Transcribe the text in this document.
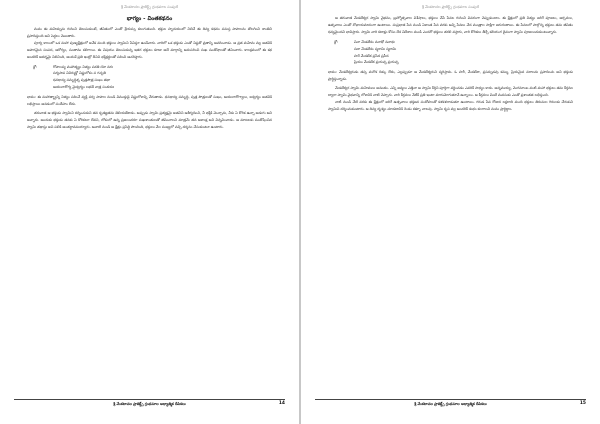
శ్రీ వేంకటాచల ప్రాజెక్ట్స్ గ్రంథమాల సంపుటి
భాగ్యం - వింతకథనం

మనం ఈ మహిమ్నను గురించి తెలుసుకుంటే, జీవితంలో ఎంతో శ్రేయస్సు కలుగుతుంది. భక్తుల హృదయంలో నిలిచే ఈ దివ్య కథనం సమస్త పాపాలను తొలగించి శాంతిని ప్రసాదిస్తుంది అని పెద్దలు చెబుతారు.

పూర్వ కాలంలో ఒక మహా పుణ్యక్షేత్రంలో అనేక మంది భక్తులు స్వామిని సేవిస్తూ ఉండేవారు. వారిలో ఒక భక్తుడు ఎంతో నిష్ఠతో వ్రతాన్ని ఆచరించాడు. ఆ వ్రత మహిమ వల్ల అతనికి అపారమైన సంపద, ఆరోగ్యం, సంతానం కలిగాయి. ఈ విషయం తెలుసుకున్న ఇతర భక్తులు కూడా అదే మార్గాన్ని అనుసరించి సుఖ సంతోషాలతో జీవించారు. కాలక్రమంలో ఈ కథ అందరికీ ఆదర్శమై నిలిచింది, అందుకే ప్రతి ఇంట్లో దీనిని భక్తిశ్రద్ధలతో పఠించి ఆచరిస్తారు.

శ్లో:	గోపాలస్య మహాత్మ్యం నిత్యం పఠతి యో నరః

సర్వపాప వినిర్ముక్తో విష్ణులోకం స గచ్ఛతి

ధనధాన్య సమృద్ధిశ్చ పుత్రపౌత్ర సుఖం తథా

ఆయురారోగ్య మైశ్వర్యం లభతే నాత్ర సంశయః

భావం: ఈ మహాత్మ్యాన్ని నిత్యం పఠించే వ్యక్తి సర్వ పాపాల నుండి విముక్తుడై విష్ణులోకాన్ని చేరుతాడు. ధనధాన్య సమృద్ధి, పుత్ర పౌత్రులతో సుఖం, ఆయురారోగ్యాలు, ఐశ్వర్యం అతనికి లభిస్తాయి అనడంలో సందేహం లేదు.

తరువాత ఆ భక్తుడు స్వామిని దర్శించుకుని తన కృతజ్ఞతను తెలియజేశాడు. అప్పుడు స్వామి ప్రత్యక్షమై అతనిని ఆశీర్వదించి, నీ భక్తికి మెచ్చాను, నీకు ఏ కోరిక ఉన్నా అడుగు అని అన్నారు. అందుకు భక్తుడు తనకు ఏ కోరికలూ లేవని, లోకంలో ఉన్న ప్రజలందరూ సుఖశాంతులతో జీవించాలని మాత్రమే తన ఆకాంక్ష అని విన్నవించాడు. ఆ మాటలకు సంతోషించిన స్వామి తథాస్తు అని పలికి అంతర్థానమయ్యారు. ఆనాటి నుండి ఆ క్షేత్రం ప్రసిద్ధి పొందింది, భక్తులు వేల సంఖ్యలో వచ్చి దర్శనం చేసుకుంటూ ఉంటారు.

శ్రీ వేంకటాచల ప్రాజెక్ట్స్ గ్రంథమాల ఆధ్యాత్మిక దీపికలు	14
శ్రీ వేంకటాచల ప్రాజెక్ట్స్ గ్రంథమాల సంపుటి

ఆ తరువాత వేంకటేశ్వర స్వామి వైభవం, బ్రహ్మోత్సవాల విశేషాలు, భక్తులు చేసే సేవల గురించి వివరంగా చెప్పుకుందాం. ఈ క్షేత్రంలో ప్రతి నిత్యం జరిగే పూజలు, అర్చనలు, ఉత్సవాలు ఎంతో శోభాయమానంగా ఉంటాయి. సుప్రభాత సేవ నుండి ఏకాంత సేవ వరకు అన్ని సేవలు వేద మంత్రాల సాక్షిగా జరుగుతాయి. ఈ సేవలలో పాల్గొన్న భక్తులు తమ జీవితం ధన్యమైందని భావిస్తారు. స్వామి వారి కటాక్షం కోసం దేశ విదేశాల నుండి ఎందరో భక్తులు తరలి వస్తారు, వారి కోరికలు తీర్చే కలియుగ దైవంగా స్వామి పూజలందుకుంటున్నారు.

శ్లో:	వినా వేంకటేశం ననాథో ననాథః

సదా వేంకటేశం స్మరామి స్మరామి

హరే వేంకటేశ ప్రసీద ప్రసీద

ప్రియం వేంకటేశ ప్రయచ్ఛ ప్రయచ్ఛ

భావం: వేంకటేశ్వరుడు తప్ప మరొక దిక్కు లేదు, ఎల్లప్పుడూ ఆ వేంకటేశ్వరుని స్మరిస్తాను. ఓ హరీ, వేంకటేశా, ప్రసన్నుడవు కమ్ము, ప్రియమైన వరాలను ప్రసాదించు అని భక్తుడు ప్రార్థిస్తున్నాడు.

వేంకటేశ్వర స్వామి మహిమలు అనంతం. ఎన్ని జన్మలు ఎత్తినా ఆ స్వామి కీర్తిని పూర్తిగా వర్ణించడం ఎవరికీ సాధ్యం కాదు. అన్నమయ్య, వెంగమాంబ వంటి మహా భక్తులు తమ కీర్తనల ద్వారా స్వామి వైభవాన్ని లోకానికి చాటి చెప్పారు. వారి కీర్తనలు నేటికీ ప్రతి ఇంటా మారుమోగుతూనే ఉన్నాయి. ఆ కీర్తనలు వింటే మనసుకు ఎంతో ప్రశాంతత లభిస్తుంది.

నాటి నుండి నేటి వరకు ఈ క్షేత్రంలో జరిగే ఉత్సవాలు భక్తజన సందోహంతో కళకళలాడుతూ ఉంటాయి. గరుడ సేవ రోజున లక్షలాది మంది భక్తులు తిరుమల గిరులకు చేరుకుని స్వామిని దర్శించుకుంటారు. ఆ దివ్య దృశ్యం చూడటానికి రెండు కళ్ళూ చాలవు. స్వామి కృప వల్ల అందరికీ శుభం కలగాలని మనం ప్రార్థిద్దాం.

శ్రీ వేంకటాచల ప్రాజెక్ట్స్ గ్రంథమాల ఆధ్యాత్మిక దీపికలు	15
